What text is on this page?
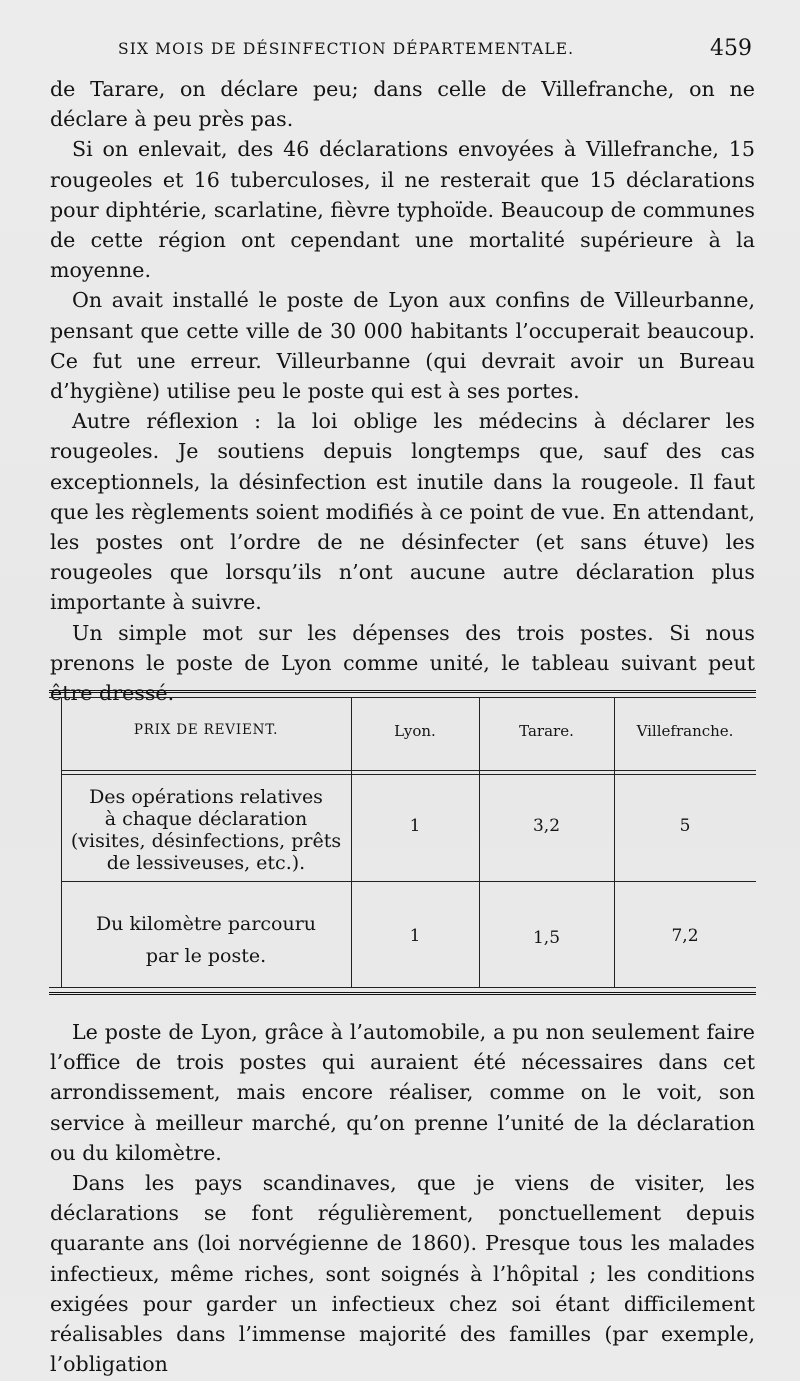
SIX MOIS DE DÉSINFECTION DÉPARTEMENTALE.	459

de Tarare, on déclare peu; dans celle de Villefranche, on ne déclare à peu près pas.

Si on enlevait, des 46 déclarations envoyées à Villefranche, 15 rougeoles et 16 tuberculoses, il ne resterait que 15 déclarations pour diphtérie, scarlatine, fièvre typhoïde. Beaucoup de communes de cette région ont cependant une mortalité supérieure à la moyenne.

On avait installé le poste de Lyon aux confins de Villeurbanne, pensant que cette ville de 30 000 habitants l’occuperait beaucoup. Ce fut une erreur. Villeurbanne (qui devrait avoir un Bureau d’hygiène) utilise peu le poste qui est à ses portes.

Autre réflexion : la loi oblige les médecins à déclarer les rougeoles. Je soutiens depuis longtemps que, sauf des cas exceptionnels, la désinfection est inutile dans la rougeole. Il faut que les règlements soient modifiés à ce point de vue. En attendant, les postes ont l’ordre de ne désinfecter (et sans étuve) les rougeoles que lorsqu’ils n’ont aucune autre déclaration plus importante à suivre.

Un simple mot sur les dépenses des trois postes. Si nous prenons le poste de Lyon comme unité, le tableau suivant peut être dressé.

PRIX DE REVIENT.	Lyon.	Tarare.	Villefranche.
Des opérations relatives
à chaque déclaration
(visites, désinfections, prêts
de lessiveuses, etc.).
1	3,2	5
Du kilomètre parcouru
par le poste.
1	1,5	7,2

Le poste de Lyon, grâce à l’automobile, a pu non seulement faire l’office de trois postes qui auraient été nécessaires dans cet arrondissement, mais encore réaliser, comme on le voit, son service à meilleur marché, qu’on prenne l’unité de la déclaration ou du kilomètre.

Dans les pays scandinaves, que je viens de visiter, les déclarations se font régulièrement, ponctuellement depuis quarante ans (loi norvégienne de 1860). Presque tous les malades infectieux, même riches, sont soignés à l’hôpital ; les conditions exigées pour garder un infectieux chez soi étant difficilement réalisables dans l’immense majorité des familles (par exemple, l’obligation
